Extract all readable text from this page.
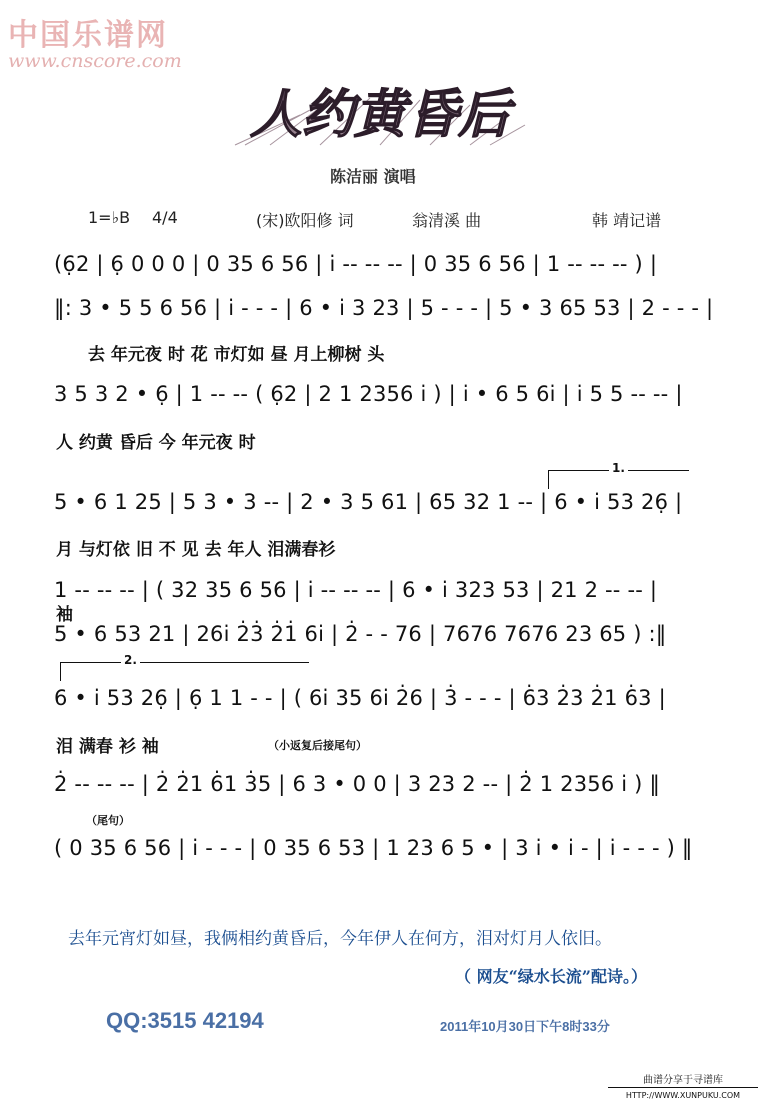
中国乐谱网
www.cnscore.com
人约黄昏后
陈洁丽 演唱
1=♭B 4/4	(宋)欧阳修 词	翁清溪 曲	韩 靖记谱
(6̣2 | 6̣ 0 0 0 | 0 35 6 56 | i̇ -- -- -- | 0 35 6 56 | 1 -- -- -- ) |
‖: 3 • 5 5 6 56 | i̇ - - - | 6 • i̇ 3 23 | 5 - - - | 5 • 3 65 53 | 2 - - - |
去 年元夜 时 花 市灯如 昼 月上柳树 头
3 5 3 2 • 6̣ | 1 -- -- ( 6̣2 | 2 1 2356 i̇ ) | i̇ • 6 5 6i̇ | i̇ 5 5 -- -- |
人 约黄 昏后 今 年元夜 时
1.
5 • 6 1 25 | 5 3 • 3 -- | 2 • 3 5 61 | 65 32 1 -- | 6 • i̇ 53 26̣ |
月 与灯依 旧 不 见 去 年人 泪满春衫
1 -- -- -- | ( 32 35 6 56 | i̇ -- -- -- | 6 • i̇ 323 53 | 21 2 -- -- |
袖
5 • 6 53 21 | 26i̇ 2̇3̇ 2̇1̇ 6i̇ | 2̇ - - 76 | 7676 7676 23 65 ) :‖
2.
6 • i̇ 53 26̣ | 6̣ 1 1 - - | ( 6i̇ 35 6i̇ 2̇6 | 3̇ - - - | 6̇3 2̇3 2̇1 6̇3 |
泪 满春 衫 袖	（小返复后接尾句）
2̇ -- -- -- | 2̇ 2̇1 6̇1 3̇5 | 6 3 • 0 0 | 3 23 2 -- | 2̇ 1 2356 i̇ ) ‖
（尾句）
( 0 35 6 56 | i̇ - - - | 0 35 6 53 | 1 23 6 5 • | 3 i̇ • i̇ - | i̇ - - - ) ‖
去年元宵灯如昼，我俩相约黄昏后，今年伊人在何方，泪对灯月人依旧。
（ 网友“绿水长流”配诗。）
QQ:3515 42194	2011年10月30日下午8时33分
曲谱分享于寻谱库
HTTP://WWW.XUNPUKU.COM
